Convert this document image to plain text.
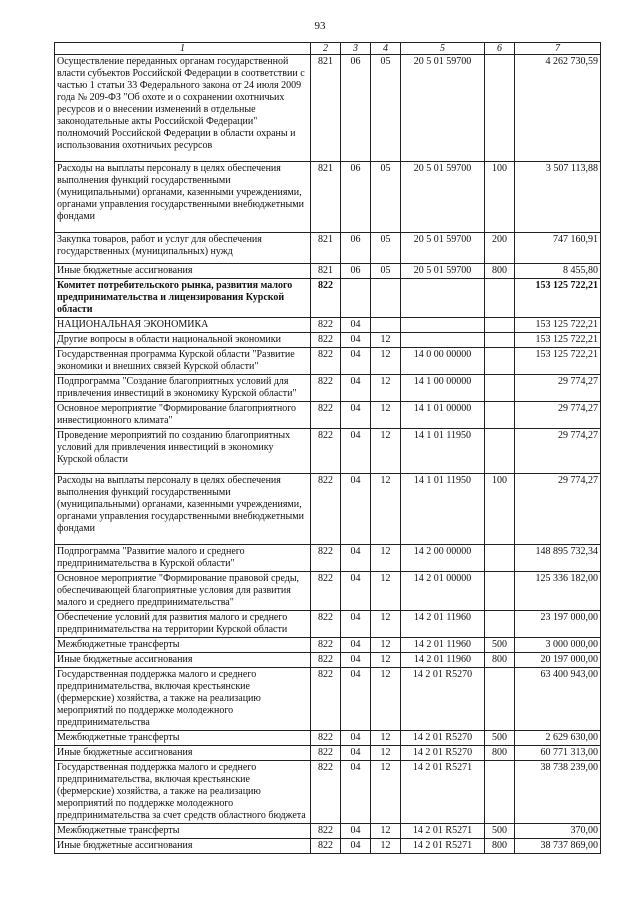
93
1	2	3	4	5	6	7
Осуществление переданных органам государственной власти субъектов Российской Федерации в соответствии с частью 1 статьи 33 Федерального закона от 24 июля 2009 года № 209-ФЗ "Об охоте и о сохранении охотничьих ресурсов и о внесении изменений в отдельные законодательные акты Российской Федерации" полномочий Российской Федерации в области охраны и использования охотничьих ресурсов	821	06	05	20 5 01 59700		4 262 730,59
Расходы на выплаты персоналу в целях обеспечения выполнения функций государственными (муниципальными) органами, казенными учреждениями, органами управления государственными внебюджетными фондами	821	06	05	20 5 01 59700	100	3 507 113,88
Закупка товаров, работ и услуг для обеспечения государственных (муниципальных) нужд	821	06	05	20 5 01 59700	200	747 160,91
Иные бюджетные ассигнования	821	06	05	20 5 01 59700	800	8 455,80
Комитет потребительского рынка, развития малого предпринимательства и лицензирования Курской области	822					153 125 722,21
НАЦИОНАЛЬНАЯ ЭКОНОМИКА	822	04				153 125 722,21
Другие вопросы в области национальной экономики	822	04	12			153 125 722,21
Государственная программа Курской области "Развитие экономики и внешних связей Курской области"	822	04	12	14 0 00 00000		153 125 722,21
Подпрограмма "Создание благоприятных условий для привлечения инвестиций в экономику Курской области"	822	04	12	14 1 00 00000		29 774,27
Основное мероприятие "Формирование благоприятного инвестиционного климата"	822	04	12	14 1 01 00000		29 774,27
Проведение мероприятий по созданию благоприятных условий для привлечения инвестиций в экономику Курской области	822	04	12	14 1 01 11950		29 774,27
Расходы на выплаты персоналу в целях обеспечения выполнения функций государственными (муниципальными) органами, казенными учреждениями, органами управления государственными внебюджетными фондами	822	04	12	14 1 01 11950	100	29 774,27
Подпрограмма "Развитие малого и среднего предпринимательства в Курской области"	822	04	12	14 2 00 00000		148 895 732,34
Основное мероприятие "Формирование правовой среды, обеспечивающей благоприятные условия для развития малого и среднего предпринимательства"	822	04	12	14 2 01 00000		125 336 182,00
Обеспечение условий для развития малого и среднего предпринимательства на территории Курской области	822	04	12	14 2 01 11960		23 197 000,00
Межбюджетные трансферты	822	04	12	14 2 01 11960	500	3 000 000,00
Иные бюджетные ассигнования	822	04	12	14 2 01 11960	800	20 197 000,00
Государственная поддержка малого и среднего предпринимательства, включая крестьянские (фермерские) хозяйства, а также на реализацию мероприятий по поддержке молодежного предпринимательства	822	04	12	14 2 01 R5270		63 400 943,00
Межбюджетные трансферты	822	04	12	14 2 01 R5270	500	2 629 630,00
Иные бюджетные ассигнования	822	04	12	14 2 01 R5270	800	60 771 313,00
Государственная поддержка малого и среднего предпринимательства, включая крестьянские (фермерские) хозяйства, а также на реализацию мероприятий по поддержке молодежного предпринимательства за счет средств областного бюджета	822	04	12	14 2 01 R5271		38 738 239,00
Межбюджетные трансферты	822	04	12	14 2 01 R5271	500	370,00
Иные бюджетные ассигнования	822	04	12	14 2 01 R5271	800	38 737 869,00
